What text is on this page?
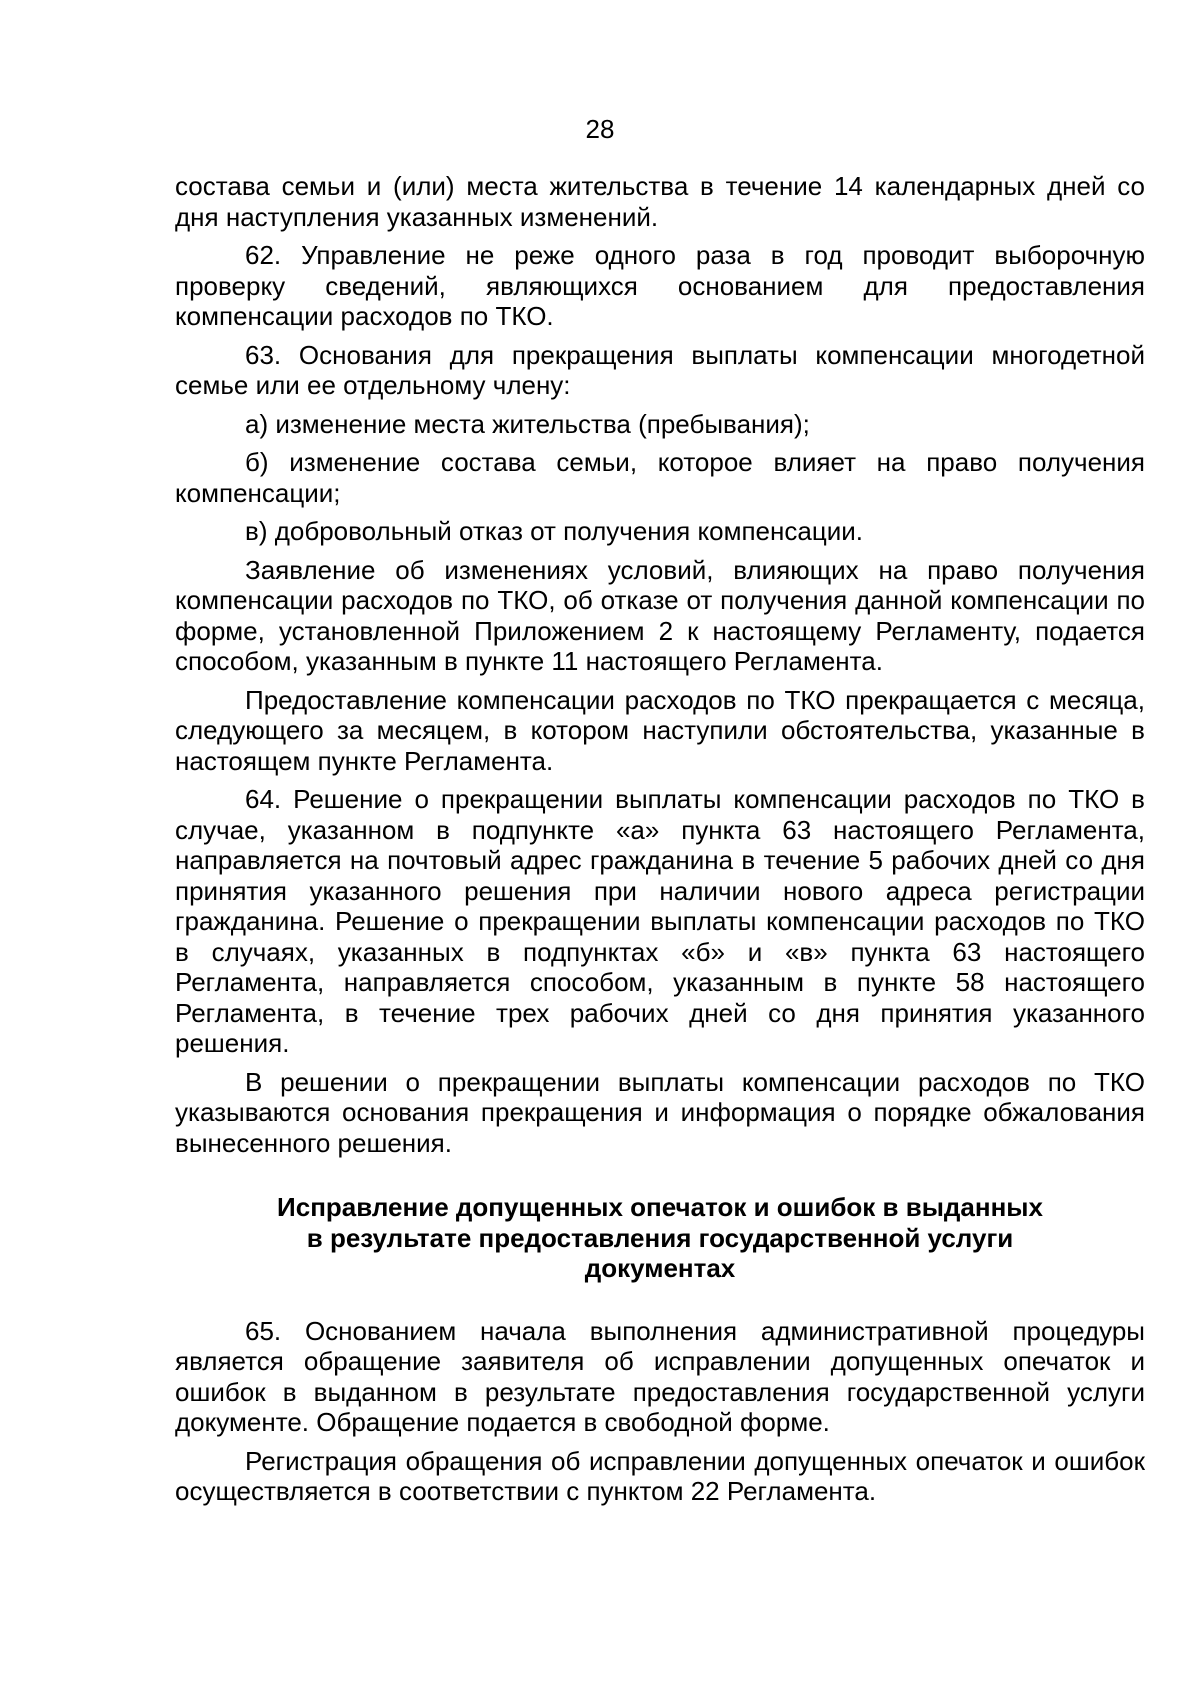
28

состава семьи и (или) места жительства в течение 14 календарных дней со дня наступления указанных изменений.

62. Управление не реже одного раза в год проводит выборочную проверку сведений, являющихся основанием для предоставления компенсации расходов по ТКО.

63. Основания для прекращения выплаты компенсации многодетной семье или ее отдельному члену:

а) изменение места жительства (пребывания);

б) изменение состава семьи, которое влияет на право получения компенсации;

в) добровольный отказ от получения компенсации.

Заявление об изменениях условий, влияющих на право получения компенсации расходов по ТКО, об отказе от получения данной компенсации по форме, установленной Приложением 2 к настоящему Регламенту, подается способом, указанным в пункте 11 настоящего Регламента.

Предоставление компенсации расходов по ТКО прекращается с месяца, следующего за месяцем, в котором наступили обстоятельства, указанные в настоящем пункте Регламента.

64. Решение о прекращении выплаты компенсации расходов по ТКО в случае, указанном в подпункте «а» пункта 63 настоящего Регламента, направляется на почтовый адрес гражданина в течение 5 рабочих дней со дня принятия указанного решения при наличии нового адреса регистрации гражданина. Решение о прекращении выплаты компенсации расходов по ТКО в случаях, указанных в подпунктах «б» и «в» пункта 63 настоящего Регламента, направляется способом, указанным в пункте 58 настоящего Регламента, в течение трех рабочих дней со дня принятия указанного решения.

В решении о прекращении выплаты компенсации расходов по ТКО указываются основания прекращения и информация о порядке обжалования вынесенного решения.

Исправление допущенных опечаток и ошибок в выданных
в результате предоставления государственной услуги
документах

65. Основанием начала выполнения административной процедуры является обращение заявителя об исправлении допущенных опечаток и ошибок в выданном в результате предоставления государственной услуги документе. Обращение подается в свободной форме.

Регистрация обращения об исправлении допущенных опечаток и ошибок осуществляется в соответствии с пунктом 22 Регламента.
